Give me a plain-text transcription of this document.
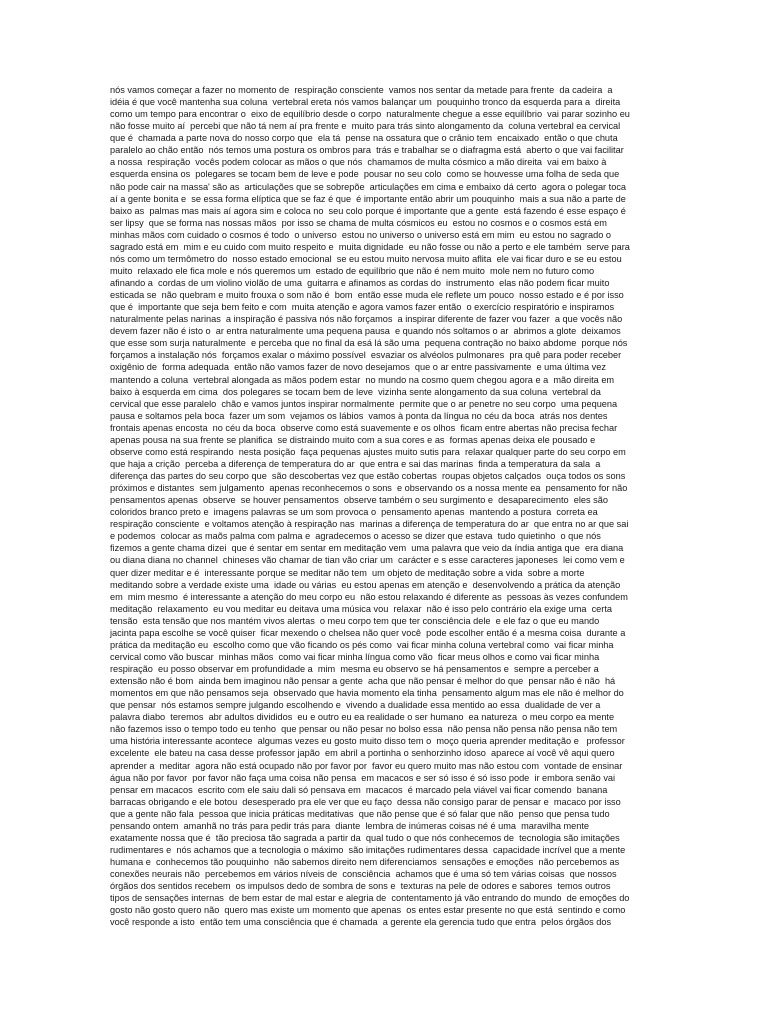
nós vamos começar a fazer no momento de  respiração consciente  vamos nos sentar da metade para frente  da cadeira  a
idéia é que você mantenha sua coluna  vertebral ereta nós vamos balançar um  pouquinho tronco da esquerda para a  direita
como um tempo para encontrar o  eixo de equilíbrio desde o corpo  naturalmente chegue a esse equilíbrio  vai parar sozinho eu
não fosse muito aí  percebi que não tá nem aí pra frente e  muito para trás sinto alongamento da  coluna vertebral ea cervical
que é  chamada a parte nova do nosso corpo que  ela tá  pense na ossatura que o crânio tem  encaixado  então o que chuta
paralelo ao chão então  nós temos uma postura os ombros para  trás e trabalhar se o diafragma está  aberto o que vai facilitar
a nossa  respiração  vocês podem colocar as mãos o que nós  chamamos de multa cósmico a mão direita  vai em baixo à
esquerda ensina os  polegares se tocam bem de leve e pode  pousar no seu colo  como se houvesse uma folha de seda que
não pode cair na massa' são as  articulações que se sobrepõe  articulações em cima e embaixo dá certo  agora o polegar toca
aí a gente bonita e  se essa forma elíptica que se faz é que  é importante então abrir um pouquinho  mais a sua não a parte de
baixo as  palmas mas mais aí agora sim e coloca no  seu colo porque é importante que a gente  está fazendo é esse espaço é
ser lipsy  que se forma nas nossas mãos  por isso se chama de multa cósmicos eu  estou no cosmos e o cosmos está em
minhas mãos com cuidado o cosmos é todo  o universo  estou no universo o universo está em mim  eu estou no sagrado o
sagrado está em  mim e eu cuido com muito respeito e  muita dignidade  eu não fosse ou não a perto e ele também  serve para
nós como um termômetro do  nosso estado emocional  se eu estou muito nervosa muito aflita  ele vai ficar duro e se eu estou
muito  relaxado ele fica mole e nós queremos um  estado de equilíbrio que não é nem muito  mole nem no futuro como
afinando a  cordas de um violino violão de uma  guitarra e afinamos as cordas do  instrumento  elas não podem ficar muito
esticada se  não quebram e muito frouxa o som não é  bom  então esse muda ele reflete um pouco  nosso estado e é por isso
que é  importante que seja bem feito e com  muita atenção e agora vamos fazer então  o exercício respiratório e inspiramos
naturalmente pelas narinas  a inspiração é passiva nós não forçamos  a inspirar diferente de fazer vou fazer  a que vocês não
devem fazer não é isto o  ar entra naturalmente uma pequena pausa  e quando nós soltamos o ar  abrimos a glote  deixamos
que esse som surja naturalmente  e perceba que no final da esá lá são uma  pequena contração no baixo abdome  porque nós
forçamos a instalação nós  forçamos exalar o máximo possível  esvaziar os alvéolos pulmonares  pra quê para poder receber
oxigênio de  forma adequada  então não vamos fazer de novo desejamos  que o ar entre passivamente  e uma última vez
mantendo a coluna  vertebral alongada as mãos podem estar  no mundo na cosmo quem chegou agora e a  mão direita em
baixo à esquerda em cima  dos polegares se tocam bem de leve  vizinha sente alongamento da sua coluna  vertebral da
cervical que esse paralelo  chão e vamos juntos inspirar normalmente  permite que o ar penetre no seu corpo  uma pequena
pausa e soltamos pela boca  fazer um som  vejamos os lábios  vamos à ponta da língua no céu da boca  atrás nos dentes
frontais apenas encosta  no céu da boca  observe como está suavemente e os olhos  ficam entre abertas não precisa fechar
apenas pousa na sua frente se planifica  se distraindo muito com a sua cores e as  formas apenas deixa ele pousado e
observe como está respirando  nesta posição  faça pequenas ajustes muito sutis para  relaxar qualquer parte do seu corpo em
que haja a crição  perceba a diferença de temperatura do ar  que entra e sai das marinas  finda a temperatura da sala  a
diferença das partes do seu corpo que  são descobertas vez que estão cobertas  roupas objetos calçados  ouça todos os sons
próximos e distantes  sem julgamento  apenas reconhecemos o sons  e observando os a nossa mente ea  pensamento for não
pensamentos apenas  observe  se houver pensamentos  observe também o seu surgimento e  desaparecimento  eles são
coloridos branco preto e  imagens palavras se um som provoca o  pensamento apenas  mantendo a postura  correta ea
respiração consciente  e voltamos atenção à respiração nas  marinas a diferença de temperatura do ar  que entra no ar que sai
e podemos  colocar as maõs palma com palma e  agradecemos o acesso se dizer que estava  tudo quietinho  o que nós
fizemos a gente chama dizei  que é sentar em sentar em meditação vem  uma palavra que veio da índia antiga que  era diana
ou diana diana no channel  chineses vão chamar de tian vão criar um  carácter e s esse caracteres japoneses  lei como vem e
quer dizer meditar e é  interessante porque se meditar não tem  um objeto de meditação sobre a vida  sobre a morte
meditando sobre a verdade existe uma  idade ou várias  eu estou apenas em atenção e  desenvolvendo a prática da atenção
em  mim mesmo  é interessante a atenção do meu corpo eu  não estou relaxando é diferente as  pessoas às vezes confundem
meditação  relaxamento  eu vou meditar eu deitava uma música vou  relaxar  não é isso pelo contrário ela exige uma  certa
tensão  esta tensão que nos mantém vivos alertas  o meu corpo tem que ter consciência dele  e ele faz o que eu mando
jacinta papa escolhe se você quiser  ficar mexendo o chelsea não quer você  pode escolher então é a mesma coisa  durante a
prática da meditação eu  escolho como que vão ficando os pés como  vai ficar minha coluna vertebral como  vai ficar minha
cervical como vão buscar  minhas mãos  como vai ficar minha língua como vão  ficar meus olhos e como vai ficar minha
respiração  eu posso observar em profundidade a  mim  mesma eu observo se há pensamentos e  sempre a perceber a
extensão não é bom  ainda bem imaginou não pensar a gente  acha que não pensar é melhor do que  pensar não é não  há
momentos em que não pensamos seja  observado que havia momento ela tinha  pensamento algum mas ele não é melhor do
que pensar  nós estamos sempre julgando escolhendo e  vivendo a dualidade essa mentido ao essa  dualidade de ver a
palavra diabo  teremos  abr adultos divididos  eu e outro eu ea realidade o ser humano  ea natureza  o meu corpo ea mente
não fazemos isso o tempo todo eu tenho  que pensar ou não pesar no bolso essa  não pensa não pensa não pensa não tem
uma história interessante acontece  algumas vezes eu gosto muito disso tem o  moço queria aprender meditação e   professor
excelente  ele bateu na casa desse professor japão  em abril a portinha o senhorzinho idoso  aparece aí você vê aqui quero
aprender a  meditar  agora não está ocupado não por favor por  favor eu quero muito mas não estou com  vontade de ensinar
água não por favor  por favor não faça uma coisa não pensa  em macacos e ser só isso é só isso pode  ir embora senão vai
pensar em macacos  escrito com ele saiu dali só pensava em  macacos  é marcado pela viável vai ficar comendo  banana
barracas obrigando e ele botou  desesperado pra ele ver que eu faço  dessa não consigo parar de pensar e  macaco por isso
que a gente não fala  pessoa que inicia práticas meditativas  que não pense que é só falar que não  penso que pensa tudo
pensando ontem  amanhã no trás para pedir trás para  diante  lembra de inúmeras coisas né é uma  maravilha mente
exatamente nossa que é  tão preciosa tão sagrada a partir da  qual tudo o que nós conhecemos de  tecnologia são imitações
rudimentares e  nós achamos que a tecnologia o máximo  são imitações rudimentares dessa  capacidade incrível que a mente
humana e  conhecemos tão pouquinho  não sabemos direito nem diferenciamos  sensações e emoções  não percebemos as
conexões neurais não  percebemos em vários níveis de  consciência  achamos que é uma só tem várias coisas  que nossos
órgãos dos sentidos recebem  os impulsos dedo de sombra de sons e  texturas na pele de odores e sabores  temos outros
tipos de sensações internas  de bem estar de mal estar e alegria de  contentamento já vão entrando do mundo  de emoções do
gosto não gosto quero não  quero mas existe um momento que apenas  os entes estar presente no que está  sentindo e como
você responde a isto  então tem uma consciência que é chamada  a gerente ela gerencia tudo que entra  pelos órgãos dos
